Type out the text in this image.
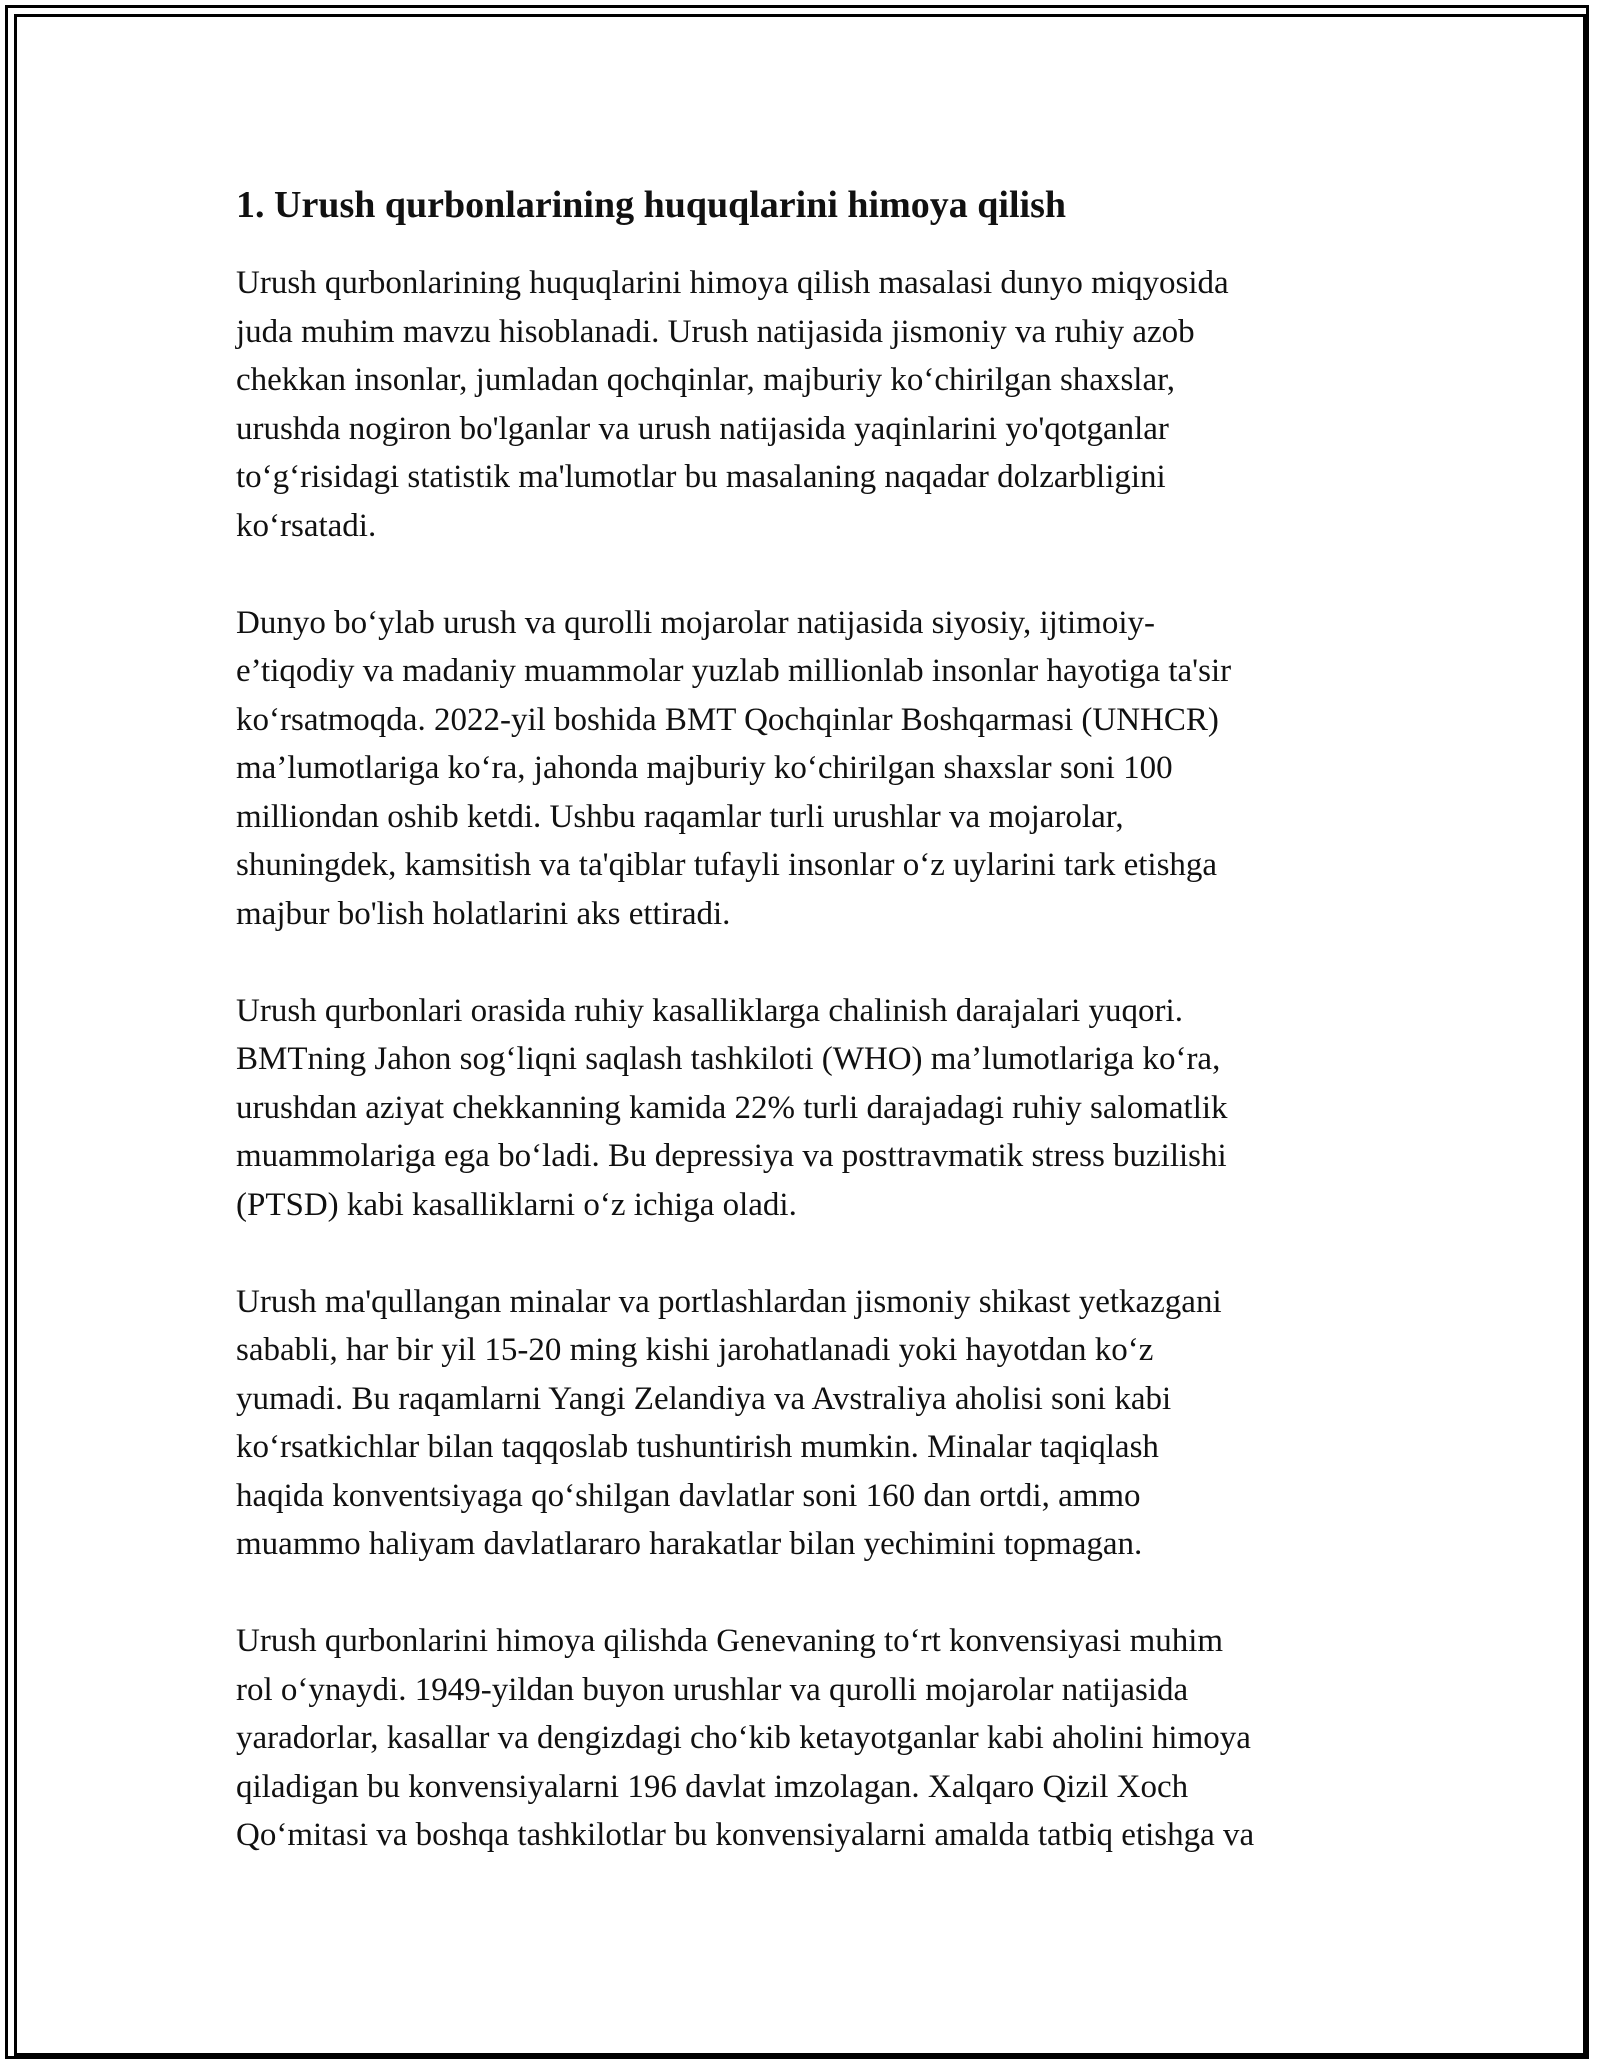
1. Urush qurbonlarining huquqlarini himoya qilish

Urush qurbonlarining huquqlarini himoya qilish masalasi dunyo miqyosida
juda muhim mavzu hisoblanadi. Urush natijasida jismoniy va ruhiy azob
chekkan insonlar, jumladan qochqinlar, majburiy ko‘chirilgan shaxslar,
urushda nogiron bo'lganlar va urush natijasida yaqinlarini yo'qotganlar
to‘g‘risidagi statistik ma'lumotlar bu masalaning naqadar dolzarbligini
ko‘rsatadi.

Dunyo bo‘ylab urush va qurolli mojarolar natijasida siyosiy, ijtimoiy-
e’tiqodiy va madaniy muammolar yuzlab millionlab insonlar hayotiga ta'sir
ko‘rsatmoqda. 2022-yil boshida BMT Qochqinlar Boshqarmasi (UNHCR)
ma’lumotlariga ko‘ra, jahonda majburiy ko‘chirilgan shaxslar soni 100
milliondan oshib ketdi. Ushbu raqamlar turli urushlar va mojarolar,
shuningdek, kamsitish va ta'qiblar tufayli insonlar o‘z uylarini tark etishga
majbur bo'lish holatlarini aks ettiradi.

Urush qurbonlari orasida ruhiy kasalliklarga chalinish darajalari yuqori.
BMTning Jahon sog‘liqni saqlash tashkiloti (WHO) ma’lumotlariga ko‘ra,
urushdan aziyat chekkanning kamida 22% turli darajadagi ruhiy salomatlik
muammolariga ega bo‘ladi. Bu depressiya va posttravmatik stress buzilishi
(PTSD) kabi kasalliklarni o‘z ichiga oladi.

Urush ma'qullangan minalar va portlashlardan jismoniy shikast yetkazgani
sababli, har bir yil 15-20 ming kishi jarohatlanadi yoki hayotdan ko‘z
yumadi. Bu raqamlarni Yangi Zelandiya va Avstraliya aholisi soni kabi
ko‘rsatkichlar bilan taqqoslab tushuntirish mumkin. Minalar taqiqlash
haqida konventsiyaga qo‘shilgan davlatlar soni 160 dan ortdi, ammo
muammo haliyam davlatlararo harakatlar bilan yechimini topmagan.

Urush qurbonlarini himoya qilishda Genevaning to‘rt konvensiyasi muhim
rol o‘ynaydi. 1949-yildan buyon urushlar va qurolli mojarolar natijasida
yaradorlar, kasallar va dengizdagi cho‘kib ketayotganlar kabi aholini himoya
qiladigan bu konvensiyalarni 196 davlat imzolagan. Xalqaro Qizil Xoch
Qo‘mitasi va boshqa tashkilotlar bu konvensiyalarni amalda tatbiq etishga va
